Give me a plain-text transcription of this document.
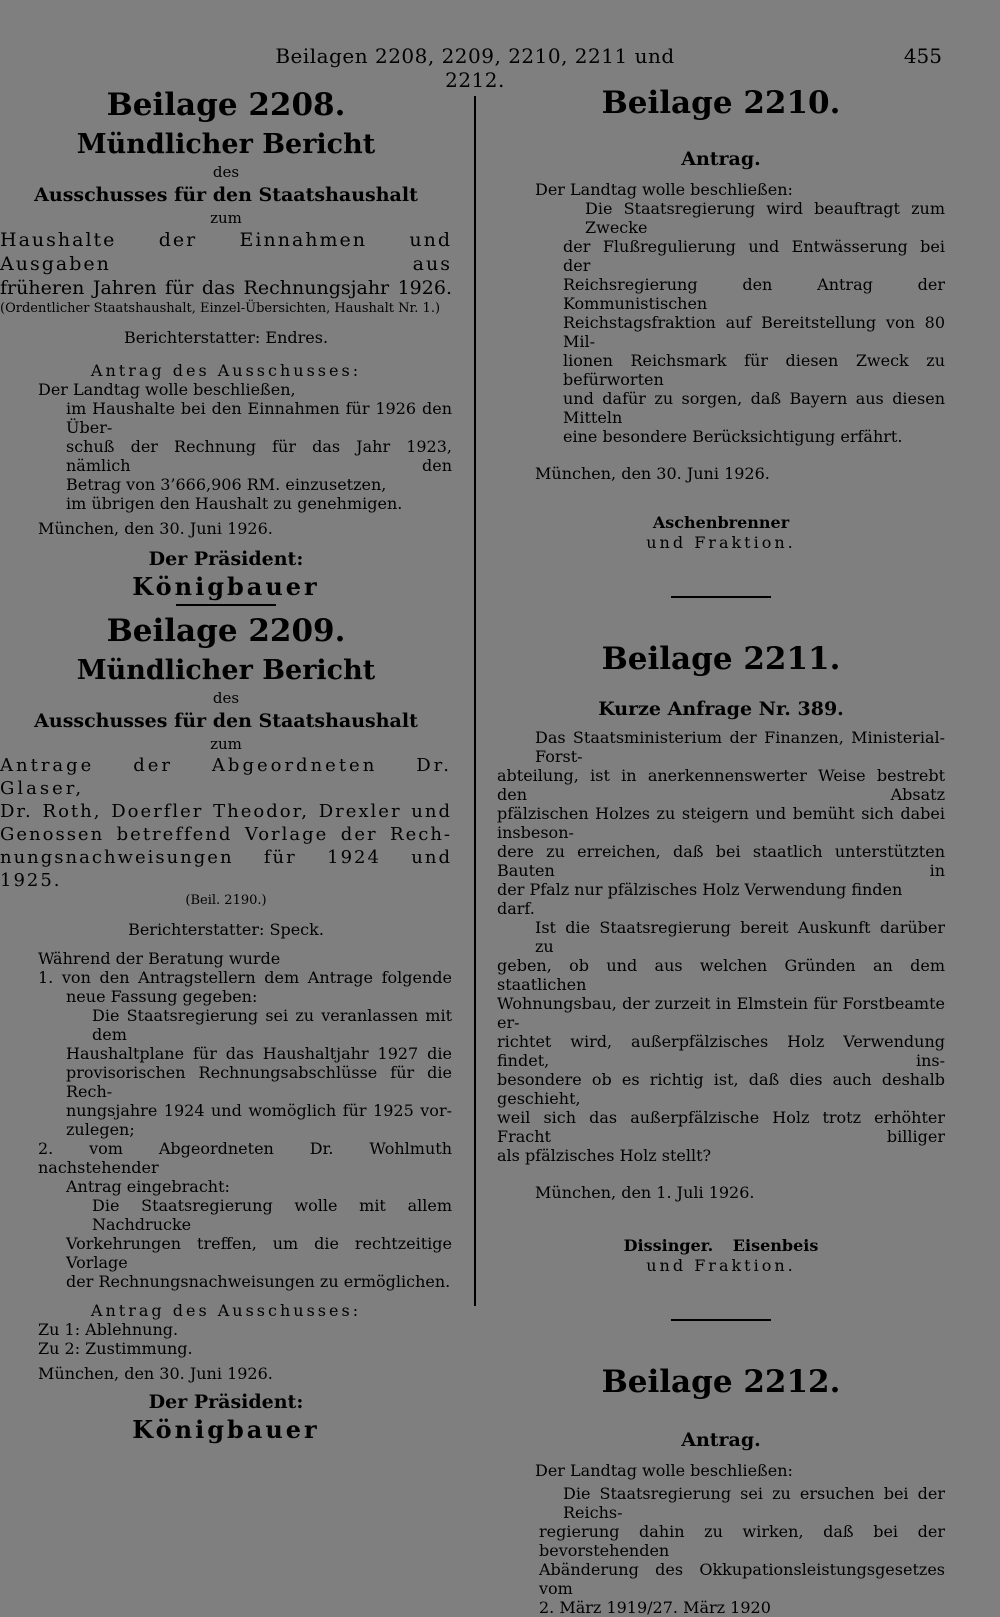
Beilagen 2208, 2209, 2210, 2211 und 2212.
455
Beilage 2208.
Mündlicher Bericht
des
Ausschusses für den Staatshaushalt
zum
Haushalte der Einnahmen und Ausgaben aus
früheren Jahren für das Rechnungsjahr 1926.
(Ordentlicher Staatshaushalt, Einzel-Übersichten, Haushalt Nr. 1.)
Berichterstatter: Endres.
Antrag des Ausschusses:
Der Landtag wolle beschließen,
im Haushalte bei den Einnahmen für 1926 den Über-
schuß der Rechnung für das Jahr 1923, nämlich den
Betrag von 3’666,906 RM. einzusetzen,
im übrigen den Haushalt zu genehmigen.
München, den 30. Juni 1926.
Der Präsident:
Königbauer
Beilage 2209.
Mündlicher Bericht
des
Ausschusses für den Staatshaushalt
zum
Antrage der Abgeordneten Dr. Glaser,
Dr. Roth, Doerfler Theodor, Drexler und
Genossen betreffend Vorlage der Rech-
nungsnachweisungen für 1924 und 1925.
(Beil. 2190.)
Berichterstatter: Speck.
Während der Beratung wurde
1. von den Antragstellern dem Antrage folgende
neue Fassung gegeben:
Die Staatsregierung sei zu veranlassen mit dem
Haushaltplane für das Haushaltjahr 1927 die
provisorischen Rechnungsabschlüsse für die Rech-
nungsjahre 1924 und womöglich für 1925 vor-
zulegen;
2. vom Abgeordneten Dr. Wohlmuth nachstehender
Antrag eingebracht:
Die Staatsregierung wolle mit allem Nachdrucke
Vorkehrungen treffen, um die rechtzeitige Vorlage
der Rechnungsnachweisungen zu ermöglichen.
Antrag des Ausschusses:
Zu 1: Ablehnung.
Zu 2: Zustimmung.
München, den 30. Juni 1926.
Der Präsident:
Königbauer
Beilage 2210.
Antrag.
Der Landtag wolle beschließen:
Die Staatsregierung wird beauftragt zum Zwecke
der Flußregulierung und Entwässerung bei der
Reichsregierung den Antrag der Kommunistischen
Reichstagsfraktion auf Bereitstellung von 80 Mil-
lionen Reichsmark für diesen Zweck zu befürworten
und dafür zu sorgen, daß Bayern aus diesen Mitteln
eine besondere Berücksichtigung erfährt.
München, den 30. Juni 1926.
Aschenbrenner
und Fraktion.
Beilage 2211.
Kurze Anfrage Nr. 389.
Das Staatsministerium der Finanzen, Ministerial-Forst-
abteilung, ist in anerkennenswerter Weise bestrebt den Absatz
pfälzischen Holzes zu steigern und bemüht sich dabei insbeson-
dere zu erreichen, daß bei staatlich unterstützten Bauten in
der Pfalz nur pfälzisches Holz Verwendung finden darf.
Ist die Staatsregierung bereit Auskunft darüber zu
geben, ob und aus welchen Gründen an dem staatlichen
Wohnungsbau, der zurzeit in Elmstein für Forstbeamte er-
richtet wird, außerpfälzisches Holz Verwendung findet, ins-
besondere ob es richtig ist, daß dies auch deshalb geschieht,
weil sich das außerpfälzische Holz trotz erhöhter Fracht billiger
als pfälzisches Holz stellt?
München, den 1. Juli 1926.
Dissinger. Eisenbeis
und Fraktion.
Beilage 2212.
Antrag.
Der Landtag wolle beschließen:
Die Staatsregierung sei zu ersuchen bei der Reichs-
regierung dahin zu wirken, daß bei der bevorstehenden
Abänderung des Okkupationsleistungsgesetzes vom
2. März 1919/27. März 1920
